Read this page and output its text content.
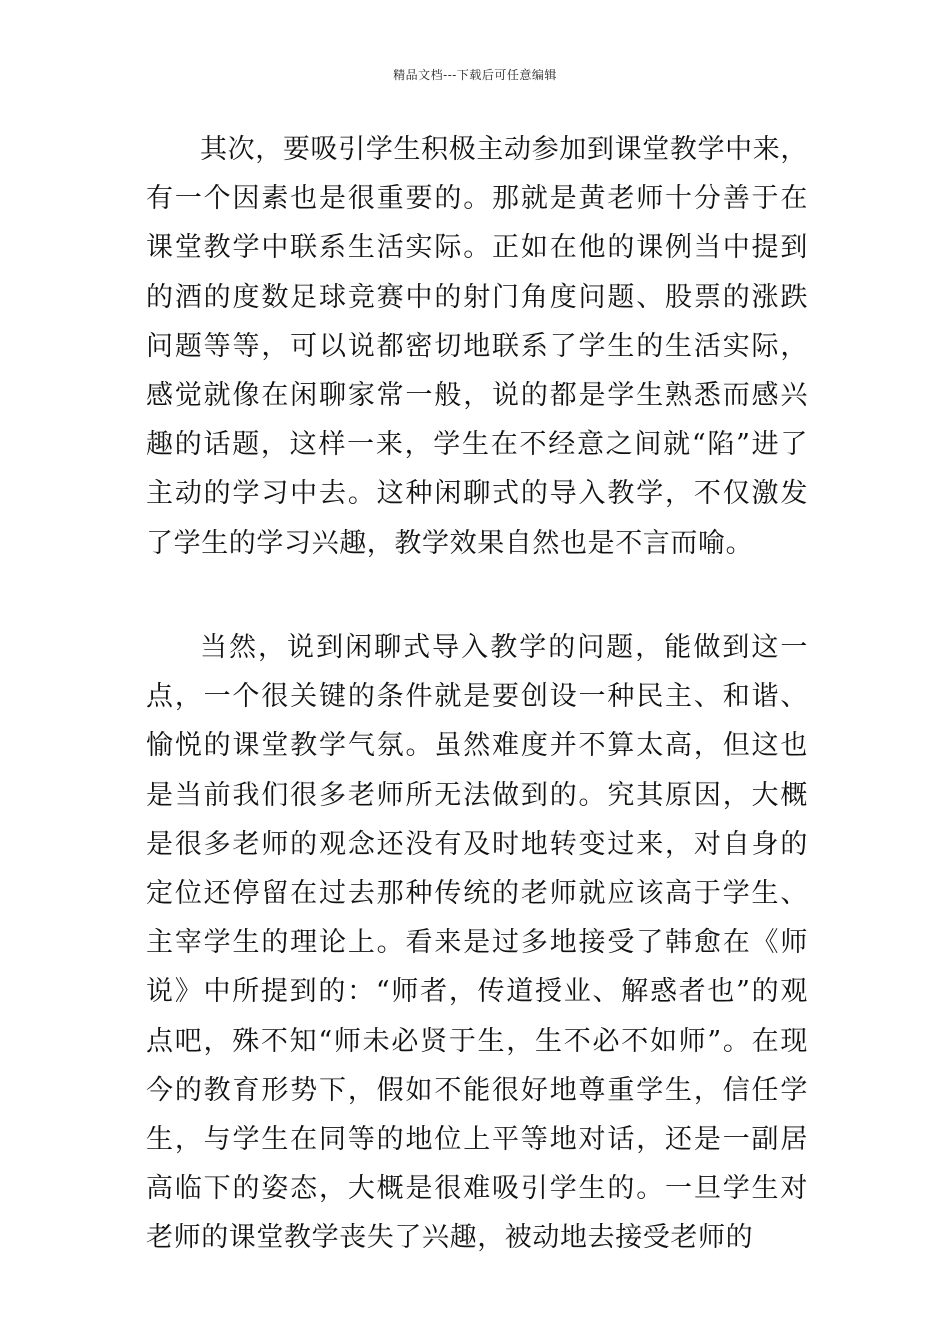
精品文档---下载后可任意编辑

其次，要吸引学生积极主动参加到课堂教学中来，有一个因素也是很重要的。那就是黄老师十分善于在课堂教学中联系生活实际。正如在他的课例当中提到的酒的度数足球竞赛中的射门角度问题、股票的涨跌问题等等，可以说都密切地联系了学生的生活实际，感觉就像在闲聊家常一般，说的都是学生熟悉而感兴趣的话题，这样一来，学生在不经意之间就“陷”进了主动的学习中去。这种闲聊式的导入教学，不仅激发了学生的学习兴趣，教学效果自然也是不言而喻。

当然，说到闲聊式导入教学的问题，能做到这一点，一个很关键的条件就是要创设一种民主、和谐、愉悦的课堂教学气氛。虽然难度并不算太高，但这也是当前我们很多老师所无法做到的。究其原因，大概是很多老师的观念还没有及时地转变过来，对自身的定位还停留在过去那种传统的老师就应该高于学生、主宰学生的理论上。看来是过多地接受了韩愈在《师说》中所提到的：“师者，传道授业、解惑者也”的观点吧，殊不知“师未必贤于生，生不必不如师”。在现今的教育形势下，假如不能很好地尊重学生，信任学生，与学生在同等的地位上平等地对话，还是一副居高临下的姿态，大概是很难吸引学生的。一旦学生对老师的课堂教学丧失了兴趣，被动地去接受老师的
